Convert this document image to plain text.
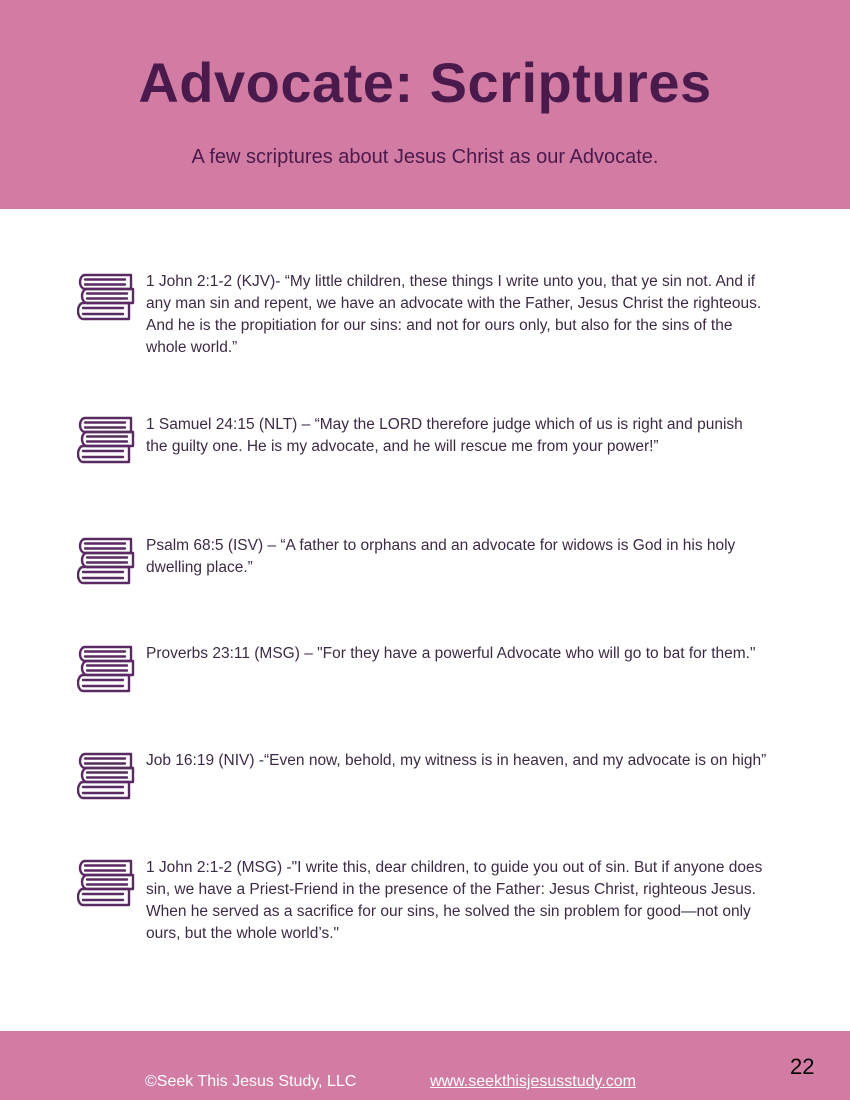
Advocate: Scriptures

A few scriptures about Jesus Christ as our Advocate.

1 John 2:1-2 (KJV)- “My little children, these things I write unto you, that ye sin not. And if any man sin and repent, we have an advocate with the Father, Jesus Christ the righteous. And he is the propitiation for our sins: and not for ours only, but also for the sins of the whole world.”

1 Samuel 24:15 (NLT) – “May the LORD therefore judge which of us is right and punish the guilty one. He is my advocate, and he will rescue me from your power!”

Psalm 68:5 (ISV) – “A father to orphans and an advocate for widows is God in his holy dwelling place.”

Proverbs 23:11 (MSG) – "For they have a powerful Advocate who will go to bat for them."

Job 16:19 (NIV) -“Even now, behold, my witness is in heaven, and my advocate is on high”

1 John 2:1-2 (MSG) -"I write this, dear children, to guide you out of sin. But if anyone does sin, we have a Priest-Friend in the presence of the Father: Jesus Christ, righteous Jesus. When he served as a sacrifice for our sins, he solved the sin problem for good—not only ours, but the whole world’s."

©Seek This Jesus Study, LLC	www.seekthisjesusstudy.com
22
